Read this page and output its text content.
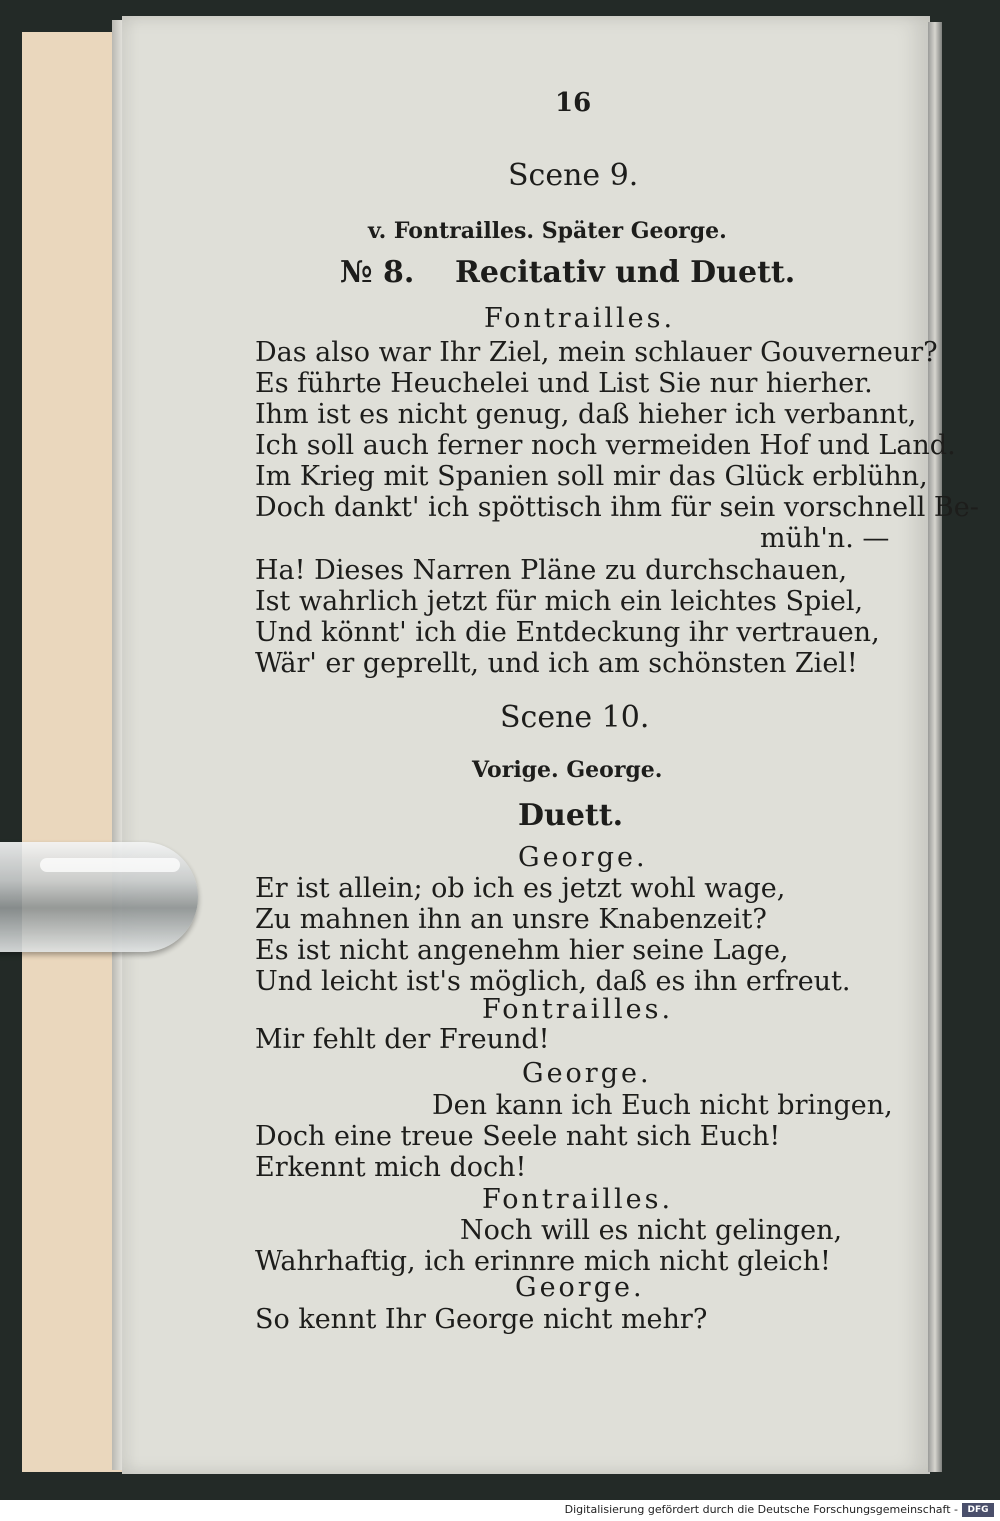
16
Scene 9.
v. Fontrailles. Später George.
№ 8. Recitativ und Duett.
Fontrailles.
Das also war Ihr Ziel, mein schlauer Gouverneur?
Es führte Heuchelei und List Sie nur hierher.
Ihm ist es nicht genug, daß hieher ich verbannt,
Ich soll auch ferner noch vermeiden Hof und Land.
Im Krieg mit Spanien soll mir das Glück erblühn,
Doch dankt' ich spöttisch ihm für sein vorschnell Be-
müh'n. —
Ha! Dieses Narren Pläne zu durchschauen,
Ist wahrlich jetzt für mich ein leichtes Spiel,
Und könnt' ich die Entdeckung ihr vertrauen,
Wär' er geprellt, und ich am schönsten Ziel!
Scene 10.
Vorige. George.
Duett.
George.
Er ist allein; ob ich es jetzt wohl wage,
Zu mahnen ihn an unsre Knabenzeit?
Es ist nicht angenehm hier seine Lage,
Und leicht ist's möglich, daß es ihn erfreut.
Fontrailles.
Mir fehlt der Freund!
George.
Den kann ich Euch nicht bringen,
Doch eine treue Seele naht sich Euch!
Erkennt mich doch!
Fontrailles.
Noch will es nicht gelingen,
Wahrhaftig, ich erinnre mich nicht gleich!
George.
So kennt Ihr George nicht mehr?
Digitalisierung gefördert durch die Deutsche Forschungsgemeinschaft -	DFG
